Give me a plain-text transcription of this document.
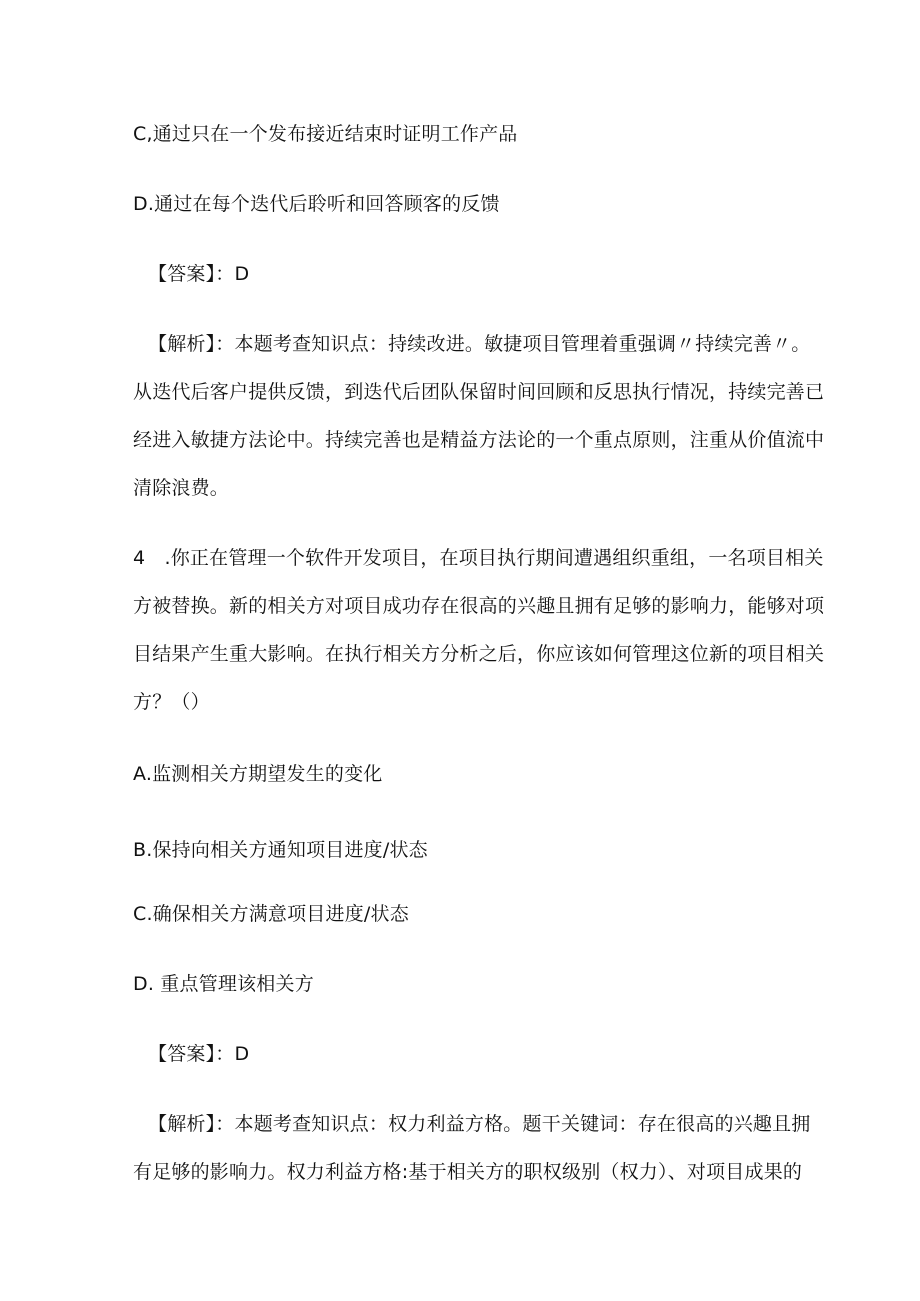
C,通过只在一个发布接近结束时证明工作产品
D.通过在每个迭代后聆听和回答顾客的反馈
【答案】：D
【解析】：本题考查知识点：持续改进。敏捷项目管理着重强调〃持续完善〃。
从迭代后客户提供反馈，到迭代后团队保留时间回顾和反思执行情况，持续完善已
经进入敏捷方法论中。持续完善也是精益方法论的一个重点原则，注重从价值流中
清除浪费。
4　.你正在管理一个软件开发项目，在项目执行期间遭遇组织重组，一名项目相关
方被替换。新的相关方对项目成功存在很高的兴趣且拥有足够的影响力，能够对项
目结果产生重大影响。在执行相关方分析之后，你应该如何管理这位新的项目相关
方？（）
A.监测相关方期望发生的变化
B.保持向相关方通知项目进度/状态
C.确保相关方满意项目进度/状态
D. 重点管理该相关方
【答案】：D
【解析】：本题考查知识点：权力利益方格。题干关键词：存在很高的兴趣且拥
有足够的影响力。权力利益方格:基于相关方的职权级别（权力）、对项目成果的
